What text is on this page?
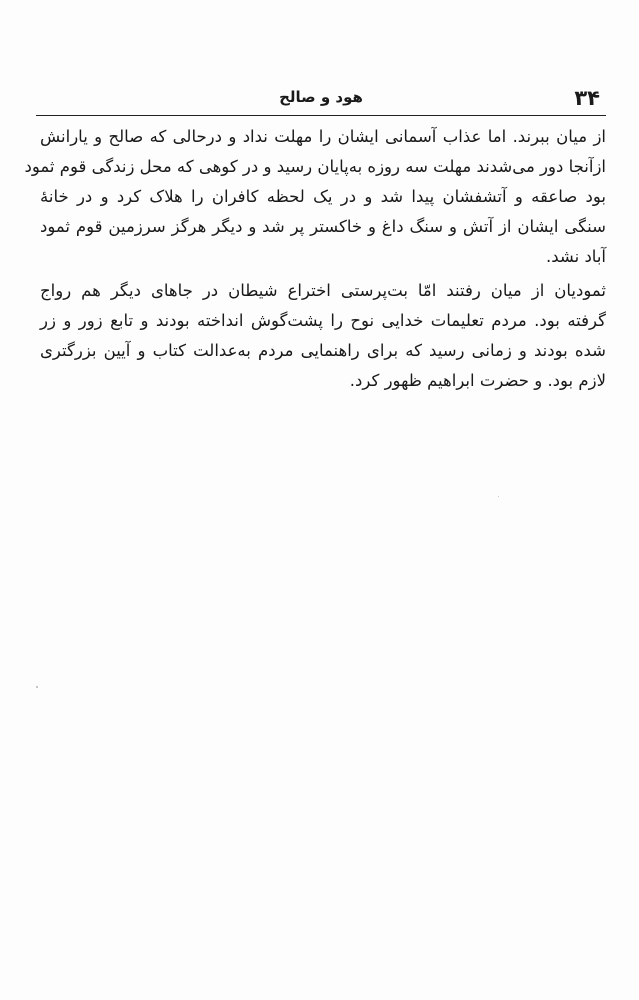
۳۴
هود و صالح

از میان ببرند. اما عذاب آسمانی ایشان را مهلت نداد و درحالی که صالح و یارانش
ازآنجا دور می‌شدند مهلت سه روزه به‌پایان رسید و در کوهی که محل زندگی قوم ثمود
بود صاعقه و آتشفشان پیدا شد و در یک لحظه کافران را هلاک کرد و در خانهٔ
سنگی ایشان از آتش و سنگ داغ و خاکستر پر شد و دیگر هرگز سرزمین قوم ثمود
آباد نشد.

ثمودیان از میان رفتند امّا بت‌پرستی اختراع شیطان در جاهای دیگر هم رواج
گرفته بود. مردم تعلیمات خدایی نوح را پشت‌گوش انداخته بودند و تابع زور و زر
شده بودند و زمانی رسید که برای راهنمایی مردم به‌عدالت کتاب و آیین بزرگتری
لازم بود. و حضرت ابراهیم ظهور کرد.
